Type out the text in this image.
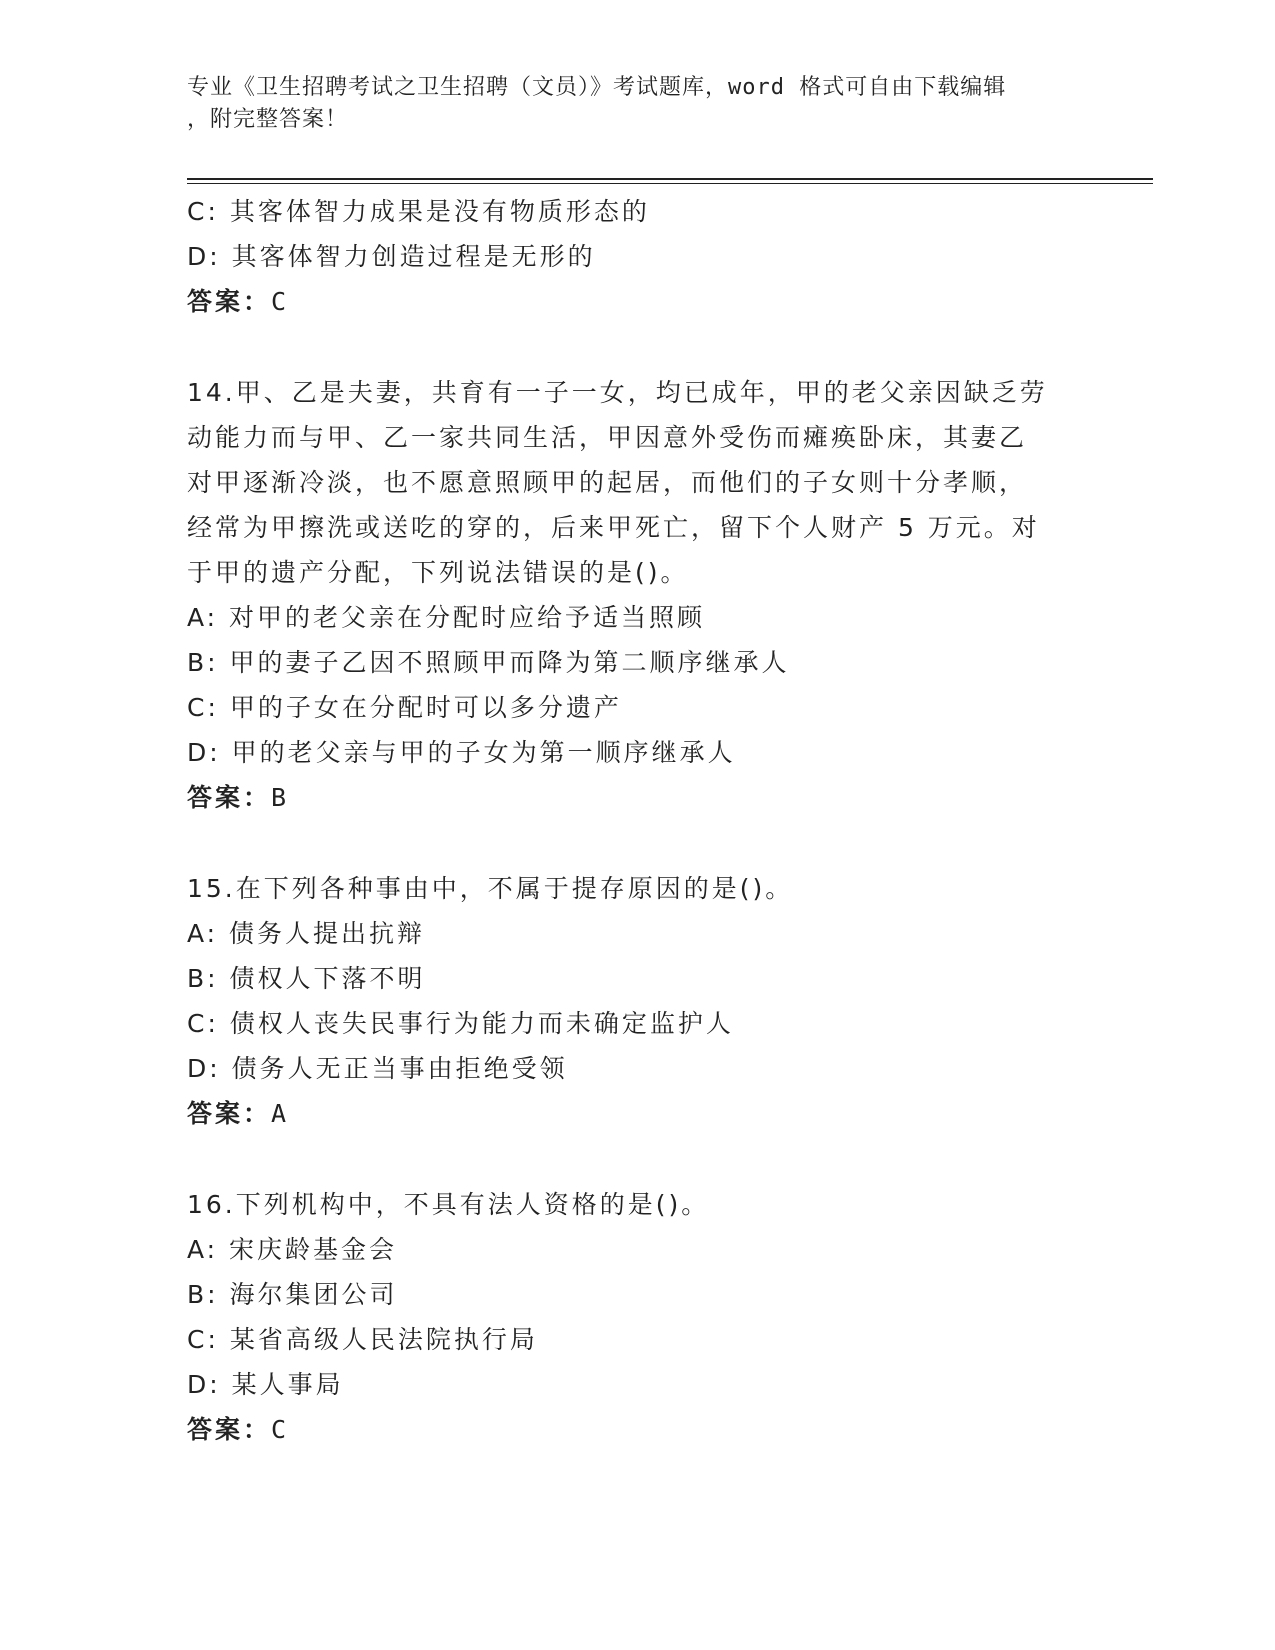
专业《卫生招聘考试之卫生招聘（文员）》考试题库，word 格式可自由下载编辑
，附完整答案！
C: 其客体智力成果是没有物质形态的
D: 其客体智力创造过程是无形的
答案：C
14.甲、乙是夫妻，共育有一子一女，均已成年，甲的老父亲因缺乏劳
动能力而与甲、乙一家共同生活，甲因意外受伤而瘫痪卧床，其妻乙
对甲逐渐冷淡，也不愿意照顾甲的起居，而他们的子女则十分孝顺，
经常为甲擦洗或送吃的穿的，后来甲死亡，留下个人财产 5 万元。对
于甲的遗产分配，下列说法错误的是()。
A: 对甲的老父亲在分配时应给予适当照顾
B: 甲的妻子乙因不照顾甲而降为第二顺序继承人
C: 甲的子女在分配时可以多分遗产
D: 甲的老父亲与甲的子女为第一顺序继承人
答案：B
15.在下列各种事由中，不属于提存原因的是()。
A: 债务人提出抗辩
B: 债权人下落不明
C: 债权人丧失民事行为能力而未确定监护人
D: 债务人无正当事由拒绝受领
答案：A
16.下列机构中，不具有法人资格的是()。
A: 宋庆龄基金会
B: 海尔集团公司
C: 某省高级人民法院执行局
D: 某人事局
答案：C
